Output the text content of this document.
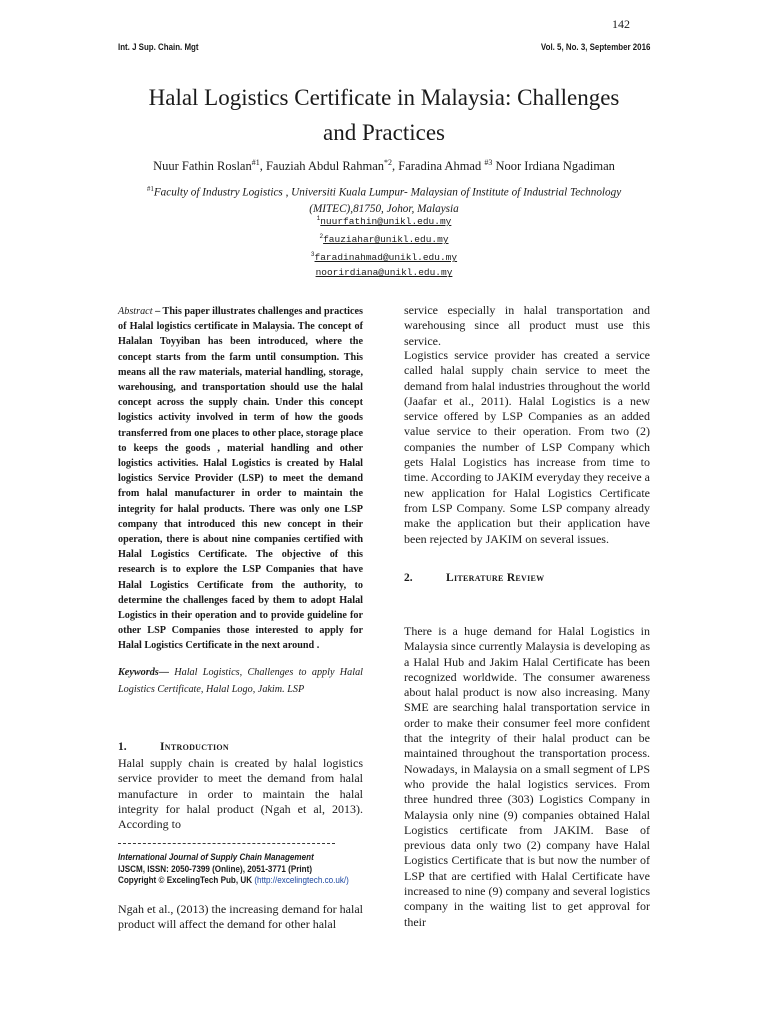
142
Int. J Sup. Chain. Mgt	Vol. 5, No. 3, September 2016
Halal Logistics Certificate in Malaysia: Challenges
and Practices
Nuur Fathin Roslan$^{\#1}$, Fauziah Abdul Rahman$^{*2}$, Faradina Ahmad $^{\#3}$ Noor Irdiana Ngadiman
$^{\#1}$Faculty of Industry Logistics , Universiti Kuala Lumpur- Malaysian of Institute of Industrial Technology
(MITEC),81750, Johor, Malaysia
$^1$nuurfathin@unikl.edu.my
$^2$fauziahar@unikl.edu.my
$^3$faradinahmad@unikl.edu.my
noorirdiana@unikl.edu.my
Abstract – This paper illustrates challenges and practices of Halal logistics certificate in Malaysia. The concept of Halalan Toyyiban has been introduced, where the concept starts from the farm until consumption. This means all the raw materials, material handling, storage, warehousing, and transportation should use the halal concept across the supply chain. Under this concept logistics activity involved in term of how the goods transferred from one places to other place, storage place to keeps the goods , material handling and other logistics activities. Halal Logistics is created by Halal logistics Service Provider (LSP) to meet the demand from halal manufacturer in order to maintain the integrity for halal products. There was only one LSP company that introduced this new concept in their operation, there is about nine companies certified with Halal Logistics Certificate. The objective of this research is to explore the LSP Companies that have Halal Logistics Certificate from the authority, to determine the challenges faced by them to adopt Halal Logistics in their operation and to provide guideline for other LSP Companies those interested to apply for Halal Logistics Certificate in the next around .
Keywords— Halal Logistics, Challenges to apply Halal Logistics Certificate, Halal Logo, Jakim. LSP
1.	Introduction
Halal supply chain is created by halal logistics service provider to meet the demand from halal manufacture in order to maintain the halal integrity for halal product (Ngah et al, 2013). According to
International Journal of Supply Chain Management
IJSCM, ISSN: 2050-7399 (Online), 2051-3771 (Print)
Copyright © ExcelingTech Pub, UK (http://excelingtech.co.uk/)
Ngah et al., (2013) the increasing demand for halal product will affect the demand for other halal
service especially in halal transportation and warehousing since all product must use this service.
Logistics service provider has created a service called halal supply chain service to meet the demand from halal industries throughout the world (Jaafar et al., 2011). Halal Logistics is a new service offered by LSP Companies as an added value service to their operation. From two (2) companies the number of LSP Company which gets Halal Logistics has increase from time to time. According to JAKIM everyday they receive a new application for Halal Logistics Certificate from LSP Company. Some LSP company already make the application but their application have been rejected by JAKIM on several issues.
2.	Literature Review
There is a huge demand for Halal Logistics in Malaysia since currently Malaysia is developing as a Halal Hub and Jakim Halal Certificate has been recognized worldwide. The consumer awareness about halal product is now also increasing. Many SME are searching halal transportation service in order to make their consumer feel more confident that the integrity of their halal product can be maintained throughout the transportation process. Nowadays, in Malaysia on a small segment of LPS who provide the halal logistics services. From three hundred three (303) Logistics Company in Malaysia only nine (9) companies obtained Halal Logistics certificate from JAKIM. Base of previous data only two (2) company have Halal Logistics Certificate that is but now the number of LSP that are certified with Halal Certificate have increased to nine (9) company and several logistics company in the waiting list to get approval for their
